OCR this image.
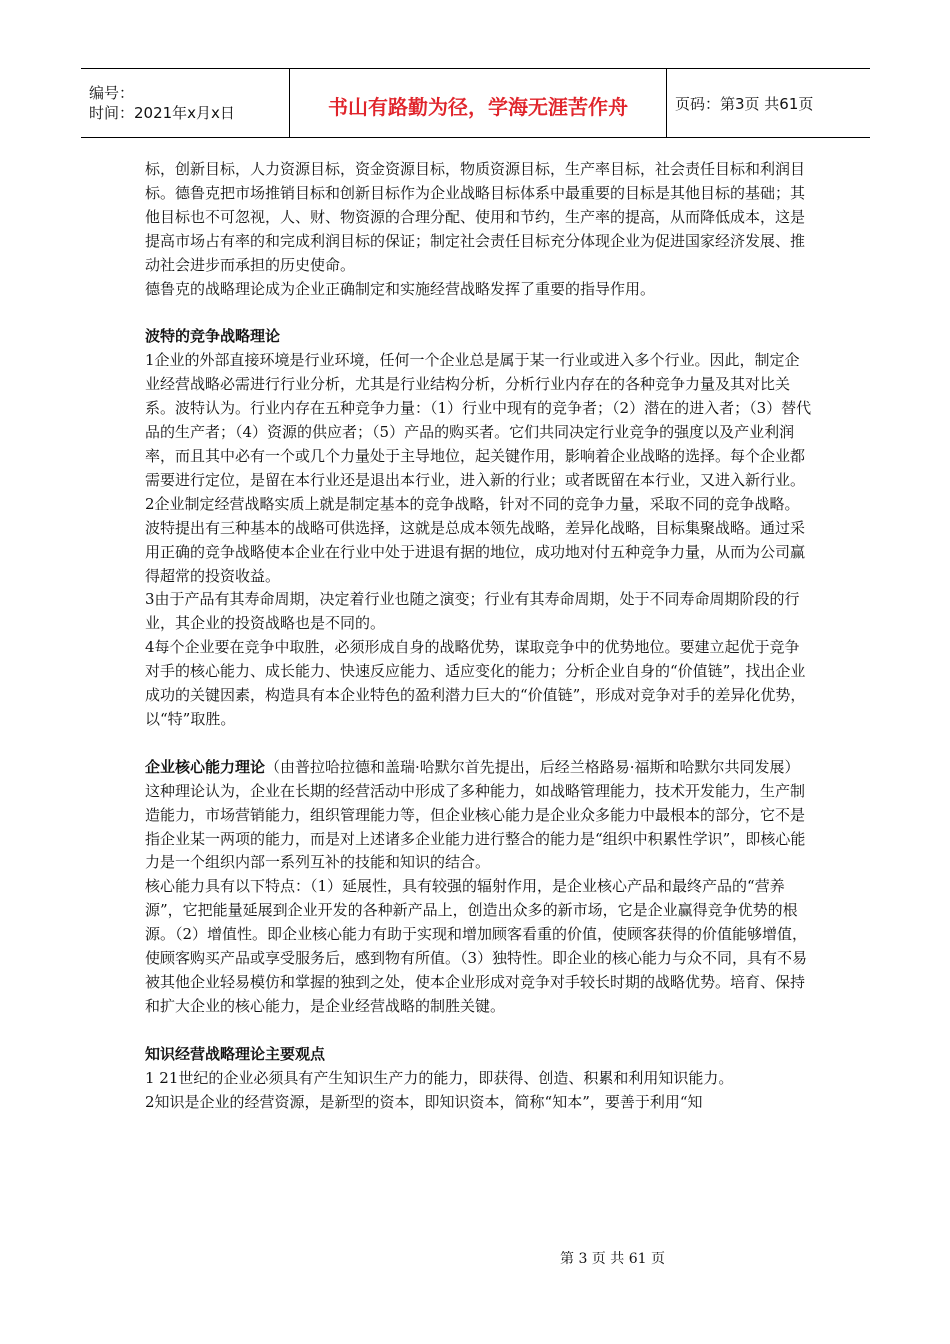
编号：
时间：2021年x月x日	书山有路勤为径，学海无涯苦作舟	页码：第3页 共61页

标，创新目标，人力资源目标，资金资源目标，物质资源目标，生产率目标，社会责任目标和利润目标。德鲁克把市场推销目标和创新目标作为企业战略目标体系中最重要的目标是其他目标的基础；其他目标也不可忽视，人、财、物资源的合理分配、使用和节约，生产率的提高，从而降低成本，这是提高市场占有率的和完成利润目标的保证；制定社会责任目标充分体现企业为促进国家经济发展、推动社会进步而承担的历史使命。

德鲁克的战略理论成为企业正确制定和实施经营战略发挥了重要的指导作用。

波特的竞争战略理论

1企业的外部直接环境是行业环境，任何一个企业总是属于某一行业或进入多个行业。因此，制定企业经营战略必需进行行业分析，尤其是行业结构分析，分析行业内存在的各种竞争力量及其对比关系。波特认为。行业内存在五种竞争力量：（1）行业中现有的竞争者；（2）潜在的进入者；（3）替代品的生产者；（4）资源的供应者；（5）产品的购买者。它们共同决定行业竞争的强度以及产业利润率，而且其中必有一个或几个力量处于主导地位，起关键作用，影响着企业战略的选择。每个企业都需要进行定位，是留在本行业还是退出本行业，进入新的行业；或者既留在本行业，又进入新行业。

2企业制定经营战略实质上就是制定基本的竞争战略，针对不同的竞争力量，采取不同的竞争战略。波特提出有三种基本的战略可供选择，这就是总成本领先战略，差异化战略，目标集聚战略。通过采用正确的竞争战略使本企业在行业中处于进退有据的地位，成功地对付五种竞争力量，从而为公司赢得超常的投资收益。

3由于产品有其寿命周期，决定着行业也随之演变；行业有其寿命周期，处于不同寿命周期阶段的行业，其企业的投资战略也是不同的。

4每个企业要在竞争中取胜，必须形成自身的战略优势，谋取竞争中的优势地位。要建立起优于竞争对手的核心能力、成长能力、快速反应能力、适应变化的能力；分析企业自身的“价值链”，找出企业成功的关键因素，构造具有本企业特色的盈利潜力巨大的“价值链”，形成对竞争对手的差异化优势，以“特”取胜。

企业核心能力理论（由普拉哈拉德和盖瑞·哈默尔首先提出，后经兰格路易·福斯和哈默尔共同发展）

这种理论认为，企业在长期的经营活动中形成了多种能力，如战略管理能力，技术开发能力，生产制造能力，市场营销能力，组织管理能力等，但企业核心能力是企业众多能力中最根本的部分，它不是指企业某一两项的能力，而是对上述诸多企业能力进行整合的能力是“组织中积累性学识”，即核心能力是一个组织内部一系列互补的技能和知识的结合。

核心能力具有以下特点：（1）延展性，具有较强的辐射作用，是企业核心产品和最终产品的“营养源”，它把能量延展到企业开发的各种新产品上，创造出众多的新市场，它是企业赢得竞争优势的根源。（2）增值性。即企业核心能力有助于实现和增加顾客看重的价值，使顾客获得的价值能够增值，使顾客购买产品或享受服务后，感到物有所值。（3）独特性。即企业的核心能力与众不同，具有不易被其他企业轻易模仿和掌握的独到之处，使本企业形成对竞争对手较长时期的战略优势。培育、保持和扩大企业的核心能力，是企业经营战略的制胜关键。

知识经营战略理论主要观点

1 21世纪的企业必须具有产生知识生产力的能力，即获得、创造、积累和利用知识能力。

2知识是企业的经营资源，是新型的资本，即知识资本，简称“知本”，要善于利用“知

第 3 页 共 61 页
